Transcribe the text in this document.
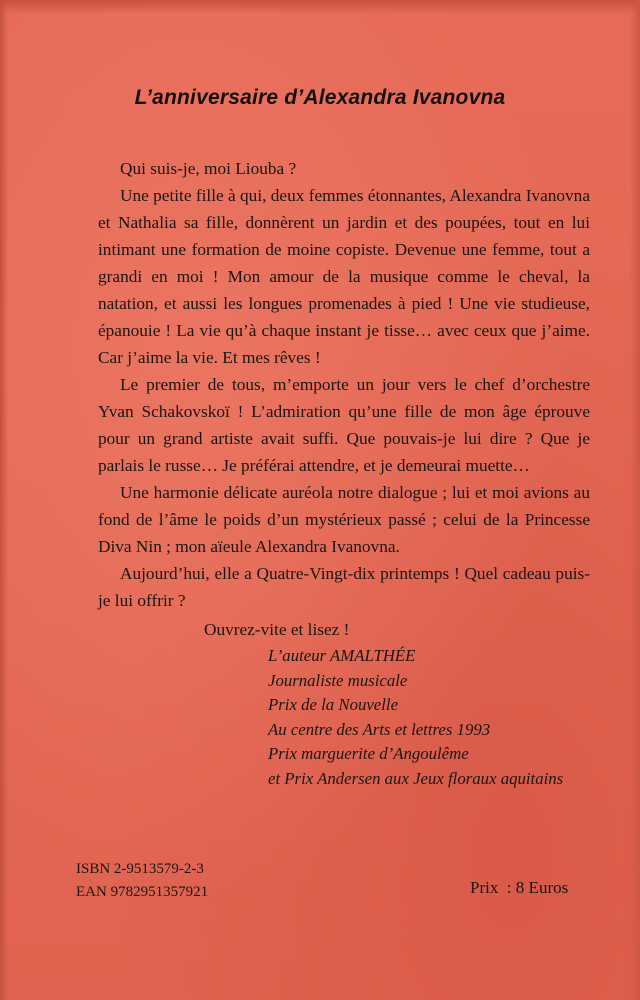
L’anniversaire d’Alexandra Ivanovna

Qui suis-je, moi Liouba ?

Une petite fille à qui, deux femmes étonnantes, Alexandra Ivanovna et Nathalia sa fille, donnèrent un jardin et des poupées, tout en lui intimant une formation de moine copiste. Devenue une femme, tout a grandi en moi ! Mon amour de la musique comme le cheval, la natation, et aussi les longues promenades à pied ! Une vie studieuse, épanouie ! La vie qu’à chaque instant je tisse… avec ceux que j’aime. Car j’aime la vie. Et mes rêves !

Le premier de tous, m’emporte un jour vers le chef d’orchestre Yvan Schakovskoï ! L’admiration qu’une fille de mon âge éprouve pour un grand artiste avait suffi. Que pouvais-je lui dire ? Que je parlais le russe… Je préférai attendre, et je demeurai muette…

Une harmonie délicate auréola notre dialogue ; lui et moi avions au fond de l’âme le poids d’un mystérieux passé ; celui de la Princesse Diva Nin ; mon aïeule Alexandra Ivanovna.

Aujourd’hui, elle a Quatre-Vingt-dix printemps ! Quel cadeau puis-je lui offrir ?

Ouvrez-vite et lisez !

L’auteur AMALTHÉE
Journaliste musicale
Prix de la Nouvelle
Au centre des Arts et lettres 1993
Prix marguerite d’Angoulême
et Prix Andersen aux Jeux floraux aquitains
ISBN 2-9513579-2-3
EAN 9782951357921	Prix  : 8 Euros
